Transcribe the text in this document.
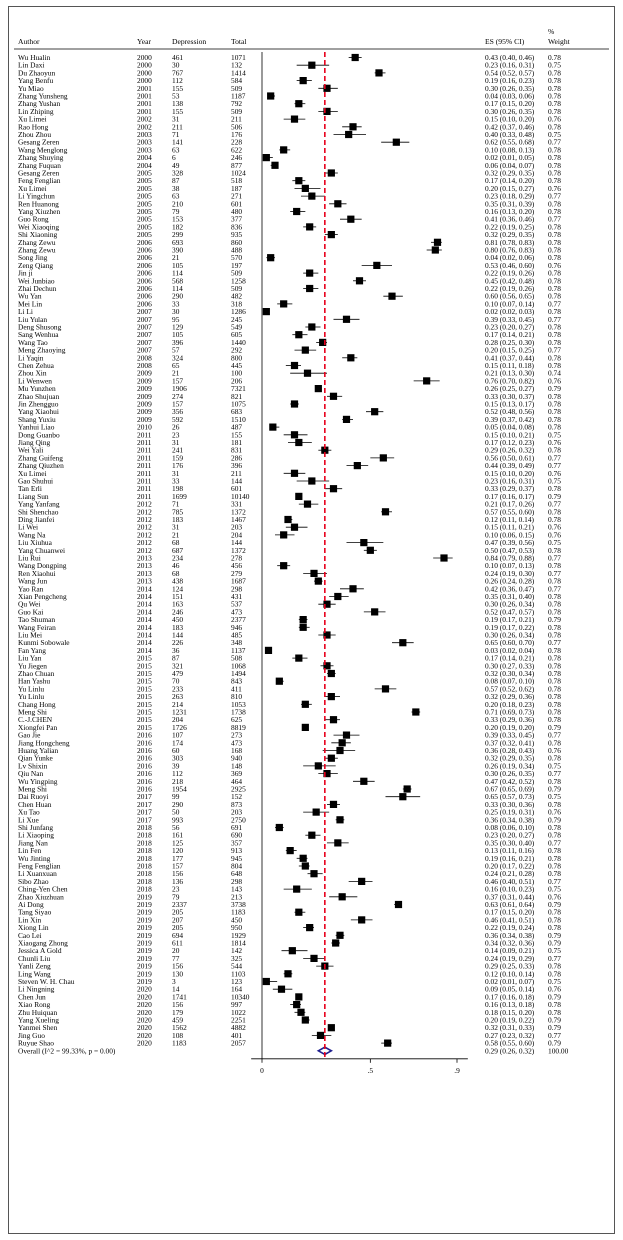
Author	Year	Depression	Total	ES (95% CI)
%
Weight
Wu Hualin	2000	461	1071	0.43 (0.40, 0.46) 0.78
Lin Daxi	2000	30	132	0.23 (0.16, 0.31) 0.75
Du Zhaoyun	2000	767	1414	0.54 (0.52, 0.57) 0.78
Yang Benfu	2000	112	584	0.19 (0.16, 0.23) 0.78
Yu Miao	2001	155	509	0.30 (0.26, 0.35) 0.78
Zhang Yunsheng	2001	53	1187	0.04 (0.03, 0.06) 0.78
Zhang Yushan	2001	138	792	0.17 (0.15, 0.20) 0.78
Lin Zhiping	2001	155	509	0.30 (0.26, 0.35) 0.78
Xu Limei	2002	31	211	0.15 (0.10, 0.20) 0.76
Rao Hong	2002	211	506	0.42 (0.37, 0.46) 0.78
Zhou Zhou	2003	71	176	0.40 (0.33, 0.48) 0.75
Gesang Zeren	2003	141	228	0.62 (0.55, 0.68) 0.77
Wang Menglong	2003	63	622	0.10 (0.08, 0.13) 0.78
Zhang Shuying	2004	6	246	0.02 (0.01, 0.05) 0.78
Zhang Fuquan	2004	49	877	0.06 (0.04, 0.07) 0.78
Gesang Zeren	2005	328	1024	0.32 (0.29, 0.35) 0.78
Feng Fenglian	2005	87	518	0.17 (0.14, 0.20) 0.78
Xu Limei	2005	38	187	0.20 (0.15, 0.27) 0.76
Li Yingchun	2005	63	271	0.23 (0.18, 0.29) 0.77
Ren Huanong	2005	210	601	0.35 (0.31, 0.39) 0.78
Yang Xiuzhen	2005	79	480	0.16 (0.13, 0.20) 0.78
Guo Rong	2005	153	377	0.41 (0.36, 0.46) 0.77
Wei Xiaoqing	2005	182	836	0.22 (0.19, 0.25) 0.78
Shi Xiaoning	2005	299	935	0.32 (0.29, 0.35) 0.78
Zhang Zewu	2006	693	860	0.81 (0.78, 0.83) 0.78
Zhang Zewu	2006	390	488	0.80 (0.76, 0.83) 0.78
Song Jing	2006	21	570	0.04 (0.02, 0.06) 0.78
Zeng Qiang	2006	105	197	0.53 (0.46, 0.60) 0.76
Jin ji	2006	114	509	0.22 (0.19, 0.26) 0.78
Wei Junbiao	2006	568	1258	0.45 (0.42, 0.48) 0.78
Zhai Dechun	2006	114	509	0.22 (0.19, 0.26) 0.78
Wu Yan	2006	290	482	0.60 (0.56, 0.65) 0.78
Mei Lin	2006	33	318	0.10 (0.07, 0.14) 0.77
Li Li	2007	30	1286	0.02 (0.02, 0.03) 0.78
Liu Yulan	2007	95	245	0.39 (0.33, 0.45) 0.77
Deng Shusong	2007	129	549	0.23 (0.20, 0.27) 0.78
Sang Wenhua	2007	105	605	0.17 (0.14, 0.21) 0.78
Wang Tao	2007	396	1440	0.28 (0.25, 0.30) 0.78
Meng Zhaoying	2007	57	292	0.20 (0.15, 0.25) 0.77
Li Yaqin	2008	324	800	0.41 (0.37, 0.44) 0.78
Chen Zehua	2008	65	445	0.15 (0.11, 0.18) 0.78
Zhou Xin	2009	21	100	0.21 (0.13, 0.30) 0.74
Li Wenwen	2009	157	206	0.76 (0.70, 0.82) 0.76
Mu Yunzhen	2009	1906	7321	0.26 (0.25, 0.27) 0.79
Zhao Shujuan	2009	274	821	0.33 (0.30, 0.37) 0.78
Jin Zhengguo	2009	157	1075	0.15 (0.13, 0.17) 0.78
Yang Xiaohui	2009	356	683	0.52 (0.48, 0.56) 0.78
Shang Yuxiu	2009	592	1510	0.39 (0.37, 0.42) 0.78
Yanhui Liao	2010	26	487	0.05 (0.04, 0.08) 0.78
Dong Guanbo	2011	23	155	0.15 (0.10, 0.21) 0.75
Jiang Qing	2011	31	181	0.17 (0.12, 0.23) 0.76
Wei Yali	2011	241	831	0.29 (0.26, 0.32) 0.78
Zhang Guifeng	2011	159	286	0.56 (0.50, 0.61) 0.77
Zhang Qiuzhen	2011	176	396	0.44 (0.39, 0.49) 0.77
Xu Limei	2011	31	211	0.15 (0.10, 0.20) 0.76
Gao Shuhui	2011	33	144	0.23 (0.16, 0.31) 0.75
Tan Erli	2011	198	601	0.33 (0.29, 0.37) 0.78
Liang Sun	2011	1699	10140	0.17 (0.16, 0.17) 0.79
Yang Yanfang	2012	71	331	0.21 (0.17, 0.26) 0.77
Shi Shenchao	2012	785	1372	0.57 (0.55, 0.60) 0.78
Ding Jianfei	2012	183	1467	0.12 (0.11, 0.14) 0.78
Li Wei	2012	31	203	0.15 (0.11, 0.21) 0.76
Wang Na	2012	21	204	0.10 (0.06, 0.15) 0.76
Liu Xiuhua	2012	68	144	0.47 (0.39, 0.56) 0.75
Yang Chuanwei	2012	687	1372	0.50 (0.47, 0.53) 0.78
Liu Rui	2013	234	278	0.84 (0.79, 0.88) 0.77
Wang Dongping	2013	46	456	0.10 (0.07, 0.13) 0.78
Ren Xiaohui	2013	68	279	0.24 (0.19, 0.30) 0.77
Wang Jun	2013	438	1687	0.26 (0.24, 0.28) 0.78
Yao Ran	2014	124	298	0.42 (0.36, 0.47) 0.77
Xian Pengcheng	2014	151	431	0.35 (0.31, 0.40) 0.78
Qu Wei	2014	163	537	0.30 (0.26, 0.34) 0.78
Guo Kai	2014	246	473	0.52 (0.47, 0.57) 0.78
Tao Shuman	2014	450	2377	0.19 (0.17, 0.21) 0.79
Wang Feiran	2014	183	946	0.19 (0.17, 0.22) 0.78
Liu Mei	2014	144	485	0.30 (0.26, 0.34) 0.78
Kunmi Sobowale	2014	226	348	0.65 (0.60, 0.70) 0.77
Fan Yang	2014	36	1137	0.03 (0.02, 0.04) 0.78
Liu Yan	2015	87	508	0.17 (0.14, 0.21) 0.78
Yu Jiegen	2015	321	1068	0.30 (0.27, 0.33) 0.78
Zhao Chuan	2015	479	1494	0.32 (0.30, 0.34) 0.78
Han Yashu	2015	70	843	0.08 (0.07, 0.10) 0.78
Yu Linlu	2015	233	411	0.57 (0.52, 0.62) 0.78
Yu Linlu	2015	263	810	0.32 (0.29, 0.36) 0.78
Chang Hong	2015	214	1053	0.20 (0.18, 0.23) 0.78
Meng Shi	2015	1231	1738	0.71 (0.69, 0.73) 0.78
C.-J.CHEN	2015	204	625	0.33 (0.29, 0.36) 0.78
Xiongfei Pan	2015	1726	8819	0.20 (0.19, 0.20) 0.79
Gao Jie	2016	107	273	0.39 (0.33, 0.45) 0.77
Jiang Hongcheng	2016	174	473	0.37 (0.32, 0.41) 0.78
Huang Yalian	2016	60	168	0.36 (0.28, 0.43) 0.76
Qian Yunke	2016	303	940	0.32 (0.29, 0.35) 0.78
Lv Shixin	2016	39	148	0.26 (0.19, 0.34) 0.75
Qiu Nan	2016	112	369	0.30 (0.26, 0.35) 0.77
Wu Yingping	2016	218	464	0.47 (0.42, 0.52) 0.78
Meng Shi	2016	1954	2925	0.67 (0.65, 0.69) 0.79
Dai Ruoyi	2017	99	152	0.65 (0.57, 0.73) 0.75
Chen Huan	2017	290	873	0.33 (0.30, 0.36) 0.78
Xu Tao	2017	50	203	0.25 (0.19, 0.31) 0.76
Li Xue	2017	993	2750	0.36 (0.34, 0.38) 0.79
Shi Junfang	2018	56	691	0.08 (0.06, 0.10) 0.78
Li Xiaoping	2018	161	690	0.23 (0.20, 0.27) 0.78
Jiang Nan	2018	125	357	0.35 (0.30, 0.40) 0.77
Lin Fen	2018	120	913	0.13 (0.11, 0.16) 0.78
Wu Jinting	2018	177	945	0.19 (0.16, 0.21) 0.78
Feng Fenglian	2018	157	804	0.20 (0.17, 0.22) 0.78
Li Xuanxuan	2018	156	648	0.24 (0.21, 0.28) 0.78
Sibo Zhao	2018	136	298	0.46 (0.40, 0.51) 0.77
Ching-Yen Chen	2018	23	143	0.16 (0.10, 0.23) 0.75
Zhao Xiuzhuan	2019	79	213	0.37 (0.31, 0.44) 0.76
Ai Dong	2019	2337	3738	0.63 (0.61, 0.64) 0.79
Tang Siyao	2019	205	1183	0.17 (0.15, 0.20) 0.78
Lin Xin	2019	207	450	0.46 (0.41, 0.51) 0.78
Xiong Lin	2019	205	950	0.22 (0.19, 0.24) 0.78
Cao Lei	2019	694	1929	0.36 (0.34, 0.38) 0.79
Xiaogang Zhong	2019	611	1814	0.34 (0.32, 0.36) 0.79
Jessica A Gold	2019	20	142	0.14 (0.09, 0.21) 0.75
Chunli Liu	2019	77	325	0.24 (0.19, 0.29) 0.77
Yanli Zeng	2019	156	544	0.29 (0.25, 0.33) 0.78
Ling Wang	2019	130	1103	0.12 (0.10, 0.14) 0.78
Steven W. H. Chau	2019	3	123	0.02 (0.01, 0.07) 0.75
Li Ningning	2020	14	164	0.09 (0.05, 0.14) 0.76
Chen Jun	2020	1741	10340	0.17 (0.16, 0.18) 0.79
Xiao Rong	2020	156	997	0.16 (0.13, 0.18) 0.78
Zhu Huiquan	2020	179	1022	0.18 (0.15, 0.20) 0.78
Yang Xueling	2020	459	2251	0.20 (0.19, 0.22) 0.79
Yanmei Shen	2020	1562	4882	0.32 (0.31, 0.33) 0.79
Jing Guo	2020	108	401	0.27 (0.23, 0.32) 0.77
Ruyue Shao	2020	1183	2057	0.58 (0.55, 0.60) 0.79
Overall (I^2 = 99.33%, p = 0.00)	0.29 (0.26, 0.32) 100.00
0	.5	.9
